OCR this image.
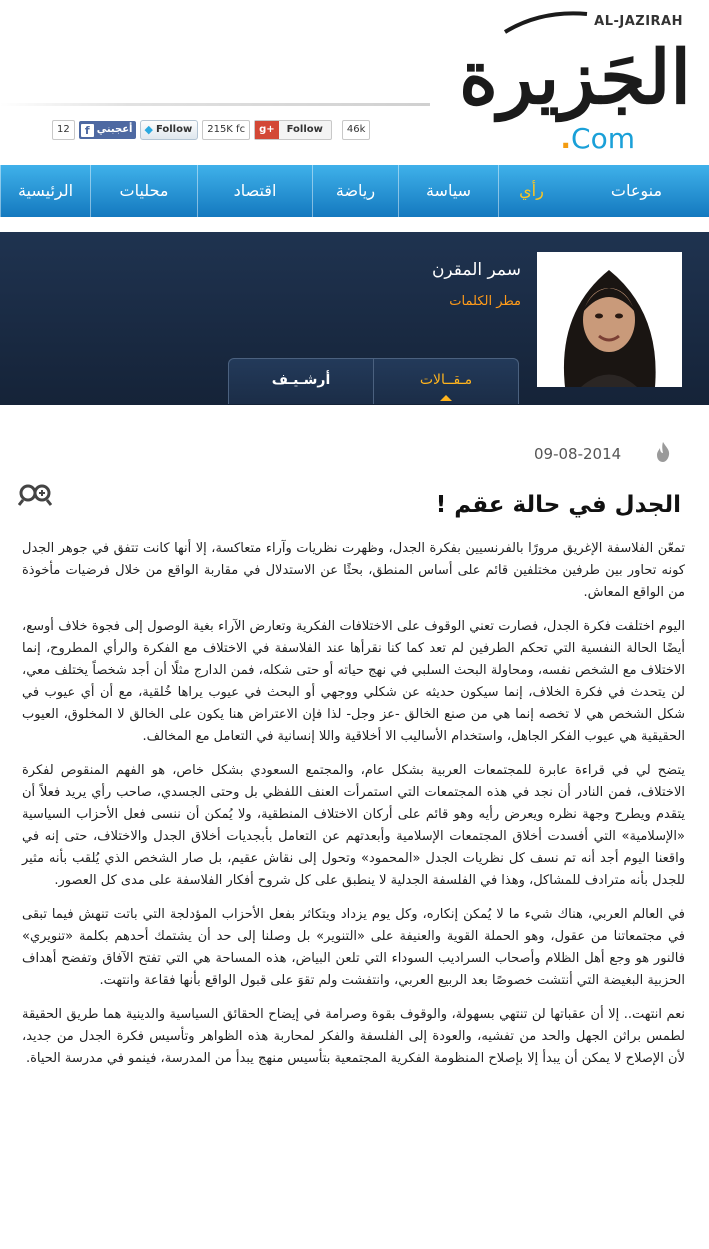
AL-JAZIRAH
الجَزيرة
.Com
12	f أعجبني ◆ Follow	215K fc	g+	Follow	46k
الرئيسية	محليات	اقتصاد	رياضة	سياسة	رأي	منوعات
سمر المقرن
مطر الكلمات
أرشـيـف	مـقــالات
09-08-2014
الجدل في حالة عقم !

تمعّن الفلاسفة الإغريق مرورًا بالفرنسيين بفكرة الجدل، وظهرت نظريات وآراء متعاكسة، إلا أنها كانت تتفق في جوهر الجدل كونه تحاور بين طرفين مختلفين قائم على أساس المنطق، بحثًا عن الاستدلال في مقاربة الواقع من خلال فرضيات مأخوذة من الواقع المعاش.

اليوم اختلفت فكرة الجدل، فصارت تعني الوقوف على الاختلافات الفكرية وتعارض الآراء بغية الوصول إلى فجوة خلاف أوسع، أيضًا الحالة النفسية التي تحكم الطرفين لم تعد كما كنا نقرأها عند الفلاسفة في الاختلاف مع الفكرة والرأي المطروح، إنما الاختلاف مع الشخص نفسه، ومحاولة البحث السلبي في نهج حياته أو حتى شكله، فمن الدارج مثلًا أن أجد شخصاً يختلف معي، لن يتحدث في فكرة الخلاف، إنما سيكون حديثه عن شكلي ووجهي أو البحث في عيوب يراها خُلقية، مع أن أي عيوب في شكل الشخص هي لا تخصه إنما هي من صنع الخالق -عز وجل- لذا فإن الاعتراض هنا يكون على الخالق لا المخلوق، العيوب الحقيقية هي عيوب الفكر الجاهل، واستخدام الأساليب الا أخلاقية واللا إنسانية في التعامل مع المخالف.

يتضح لي في قراءة عابرة للمجتمعات العربية بشكل عام، والمجتمع السعودي بشكل خاص، هو الفهم المنقوص لفكرة الاختلاف، فمن النادر أن نجد في هذه المجتمعات التي استمرأت العنف اللفظي بل وحتى الجسدي، صاحب رأي يريد فعلاً أن يتقدم ويطرح وجهة نظره ويعرض رأيه وهو قائم على أركان الاختلاف المنطقية، ولا يُمكن أن ننسى فعل الأحزاب السياسية «الإسلامية» التي أفسدت أخلاق المجتمعات الإسلامية وأبعدتهم عن التعامل بأبجديات أخلاق الجدل والاختلاف، حتى إنه في واقعنا اليوم أجد أنه تم نسف كل نظريات الجدل «المحمود» وتحول إلى نقاش عقيم، بل صار الشخص الذي يُلقب بأنه مثير للجدل بأنه مترادف للمشاكل، وهذا في الفلسفة الجدلية لا ينطبق على كل شروح أفكار الفلاسفة على مدى كل العصور.

في العالم العربي، هناك شيء ما لا يُمكن إنكاره، وكل يوم يزداد ويتكاثر بفعل الأحزاب المؤدلجة التي باتت تنهش فيما تبقى في مجتمعاتنا من عقول، وهو الحملة القوية والعنيفة على «التنوير» بل وصلنا إلى حد أن يشتمك أحدهم بكلمة «تنويري» فالنور هو وجع أهل الظلام وأصحاب السراديب السوداء التي تلعن البياض، هذه المساحة هي التي تفتح الآفاق وتفضح أهداف الحزبية البغيضة التي أنتشت خصوصًا بعد الربيع العربي، وانتفشت ولم تقوَ على قبول الواقع بأنها فقاعة وانتهت.

نعم انتهت.. إلا أن عقباتها لن تنتهي بسهولة، والوقوف بقوة وصرامة في إيضاح الحقائق السياسية والدينية هما طريق الحقيقة لطمس براثن الجهل والحد من تفشيه، والعودة إلى الفلسفة والفكر لمحاربة هذه الظواهر وتأسيس فكرة الجدل من جديد، لأن الإصلاح لا يمكن أن يبدأ إلا بإصلاح المنظومة الفكرية المجتمعية بتأسيس منهج يبدأ من المدرسة، فينمو في مدرسة الحياة.
